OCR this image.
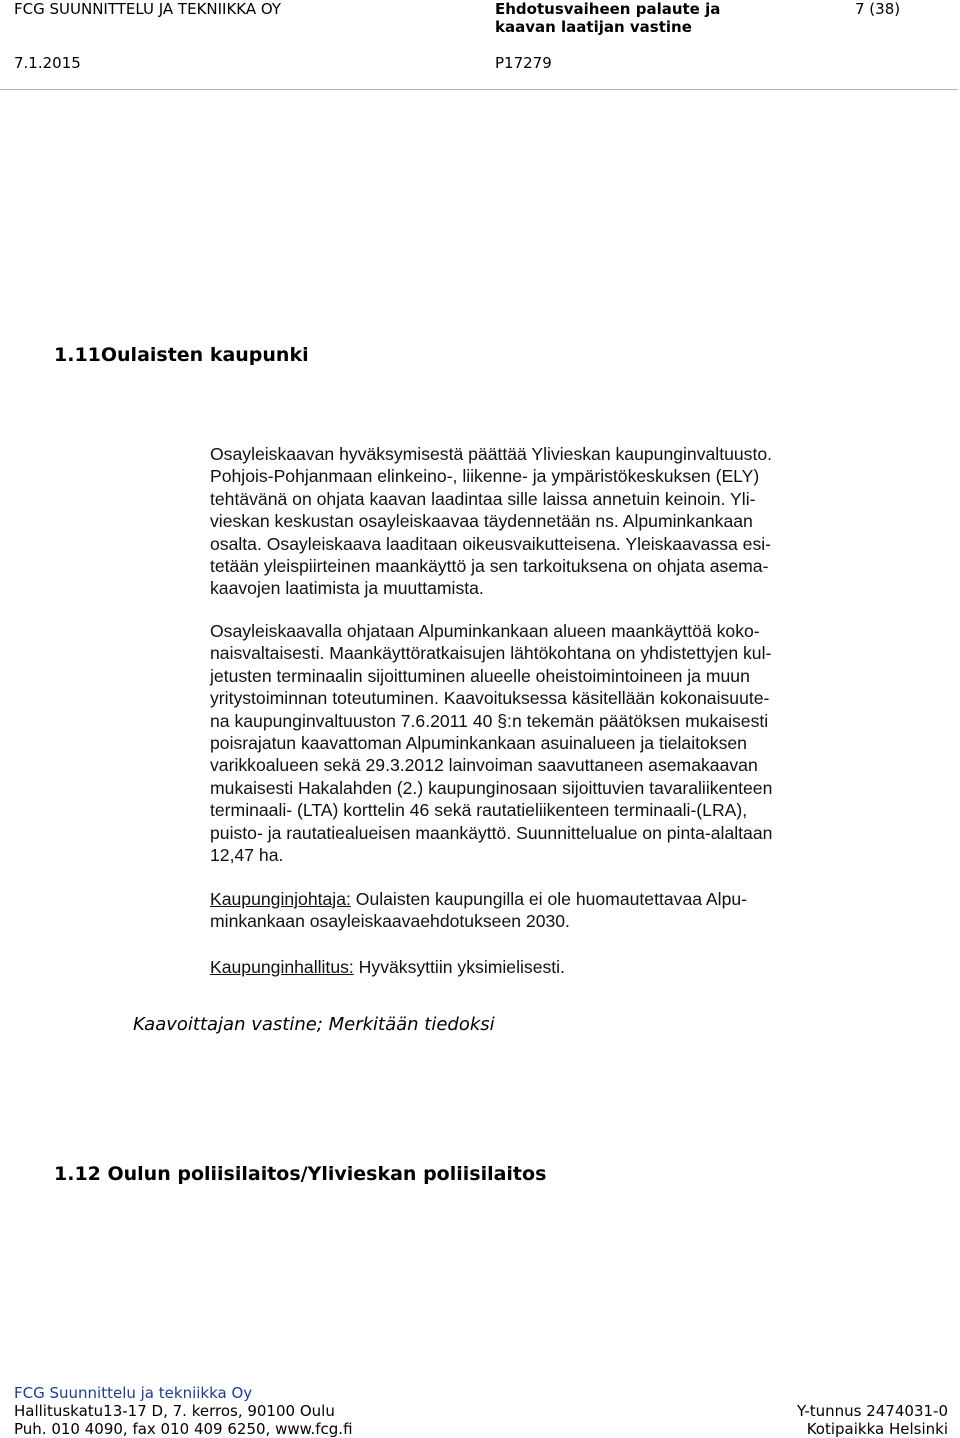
FCG SUUNNITTELU JA TEKNIIKKA OY
7.1.2015
Ehdotusvaiheen palaute ja
kaavan laatijan vastine
P17279
7 (38)
1.11Oulaisten kaupunki

Osayleiskaavan hyväksymisestä päättää Ylivieskan kaupunginvaltuusto.

Pohjois-Pohjanmaan elinkeino-, liikenne- ja ympäristökeskuksen (ELY)

tehtävänä on ohjata kaavan laadintaa sille laissa annetuin keinoin. Yli-

vieskan keskustan osayleiskaavaa täydennetään ns. Alpuminkankaan

osalta. Osayleiskaava laaditaan oikeusvaikutteisena. Yleiskaavassa esi-

tetään yleispiirteinen maankäyttö ja sen tarkoituksena on ohjata asema-

kaavojen laatimista ja muuttamista.

Osayleiskaavalla ohjataan Alpuminkankaan alueen maankäyttöä koko-

naisvaltaisesti. Maankäyttöratkaisujen lähtökohtana on yhdistettyjen kul-

jetusten terminaalin sijoittuminen alueelle oheistoimintoineen ja muun

yritystoiminnan toteutuminen. Kaavoituksessa käsitellään kokonaisuute-

na kaupunginvaltuuston 7.6.2011 40 §:n tekemän päätöksen mukaisesti

poisrajatun kaavattoman Alpuminkankaan asuinalueen ja tielaitoksen

varikkoalueen sekä 29.3.2012 lainvoiman saavuttaneen asemakaavan

mukaisesti Hakalahden (2.) kaupunginosaan sijoittuvien tavaraliikenteen

terminaali- (LTA) korttelin 46 sekä rautatieliikenteen terminaali-(LRA),

puisto- ja rautatiealueisen maankäyttö. Suunnittelualue on pinta-alaltaan

12,47 ha.

Kaupunginjohtaja: Oulaisten kaupungilla ei ole huomautettavaa Alpu-

minkankaan osayleiskaavaehdotukseen 2030.

Kaupunginhallitus: Hyväksyttiin yksimielisesti.

Kaavoittajan vastine; Merkitään tiedoksi
1.12 Oulun poliisilaitos/Ylivieskan poliisilaitos
FCG Suunnittelu ja tekniikka Oy
Hallituskatu13-17 D, 7. kerros, 90100 Oulu
Puh. 010 4090, fax 010 409 6250, www.fcg.fi
Y-tunnus 2474031-0
Kotipaikka Helsinki
